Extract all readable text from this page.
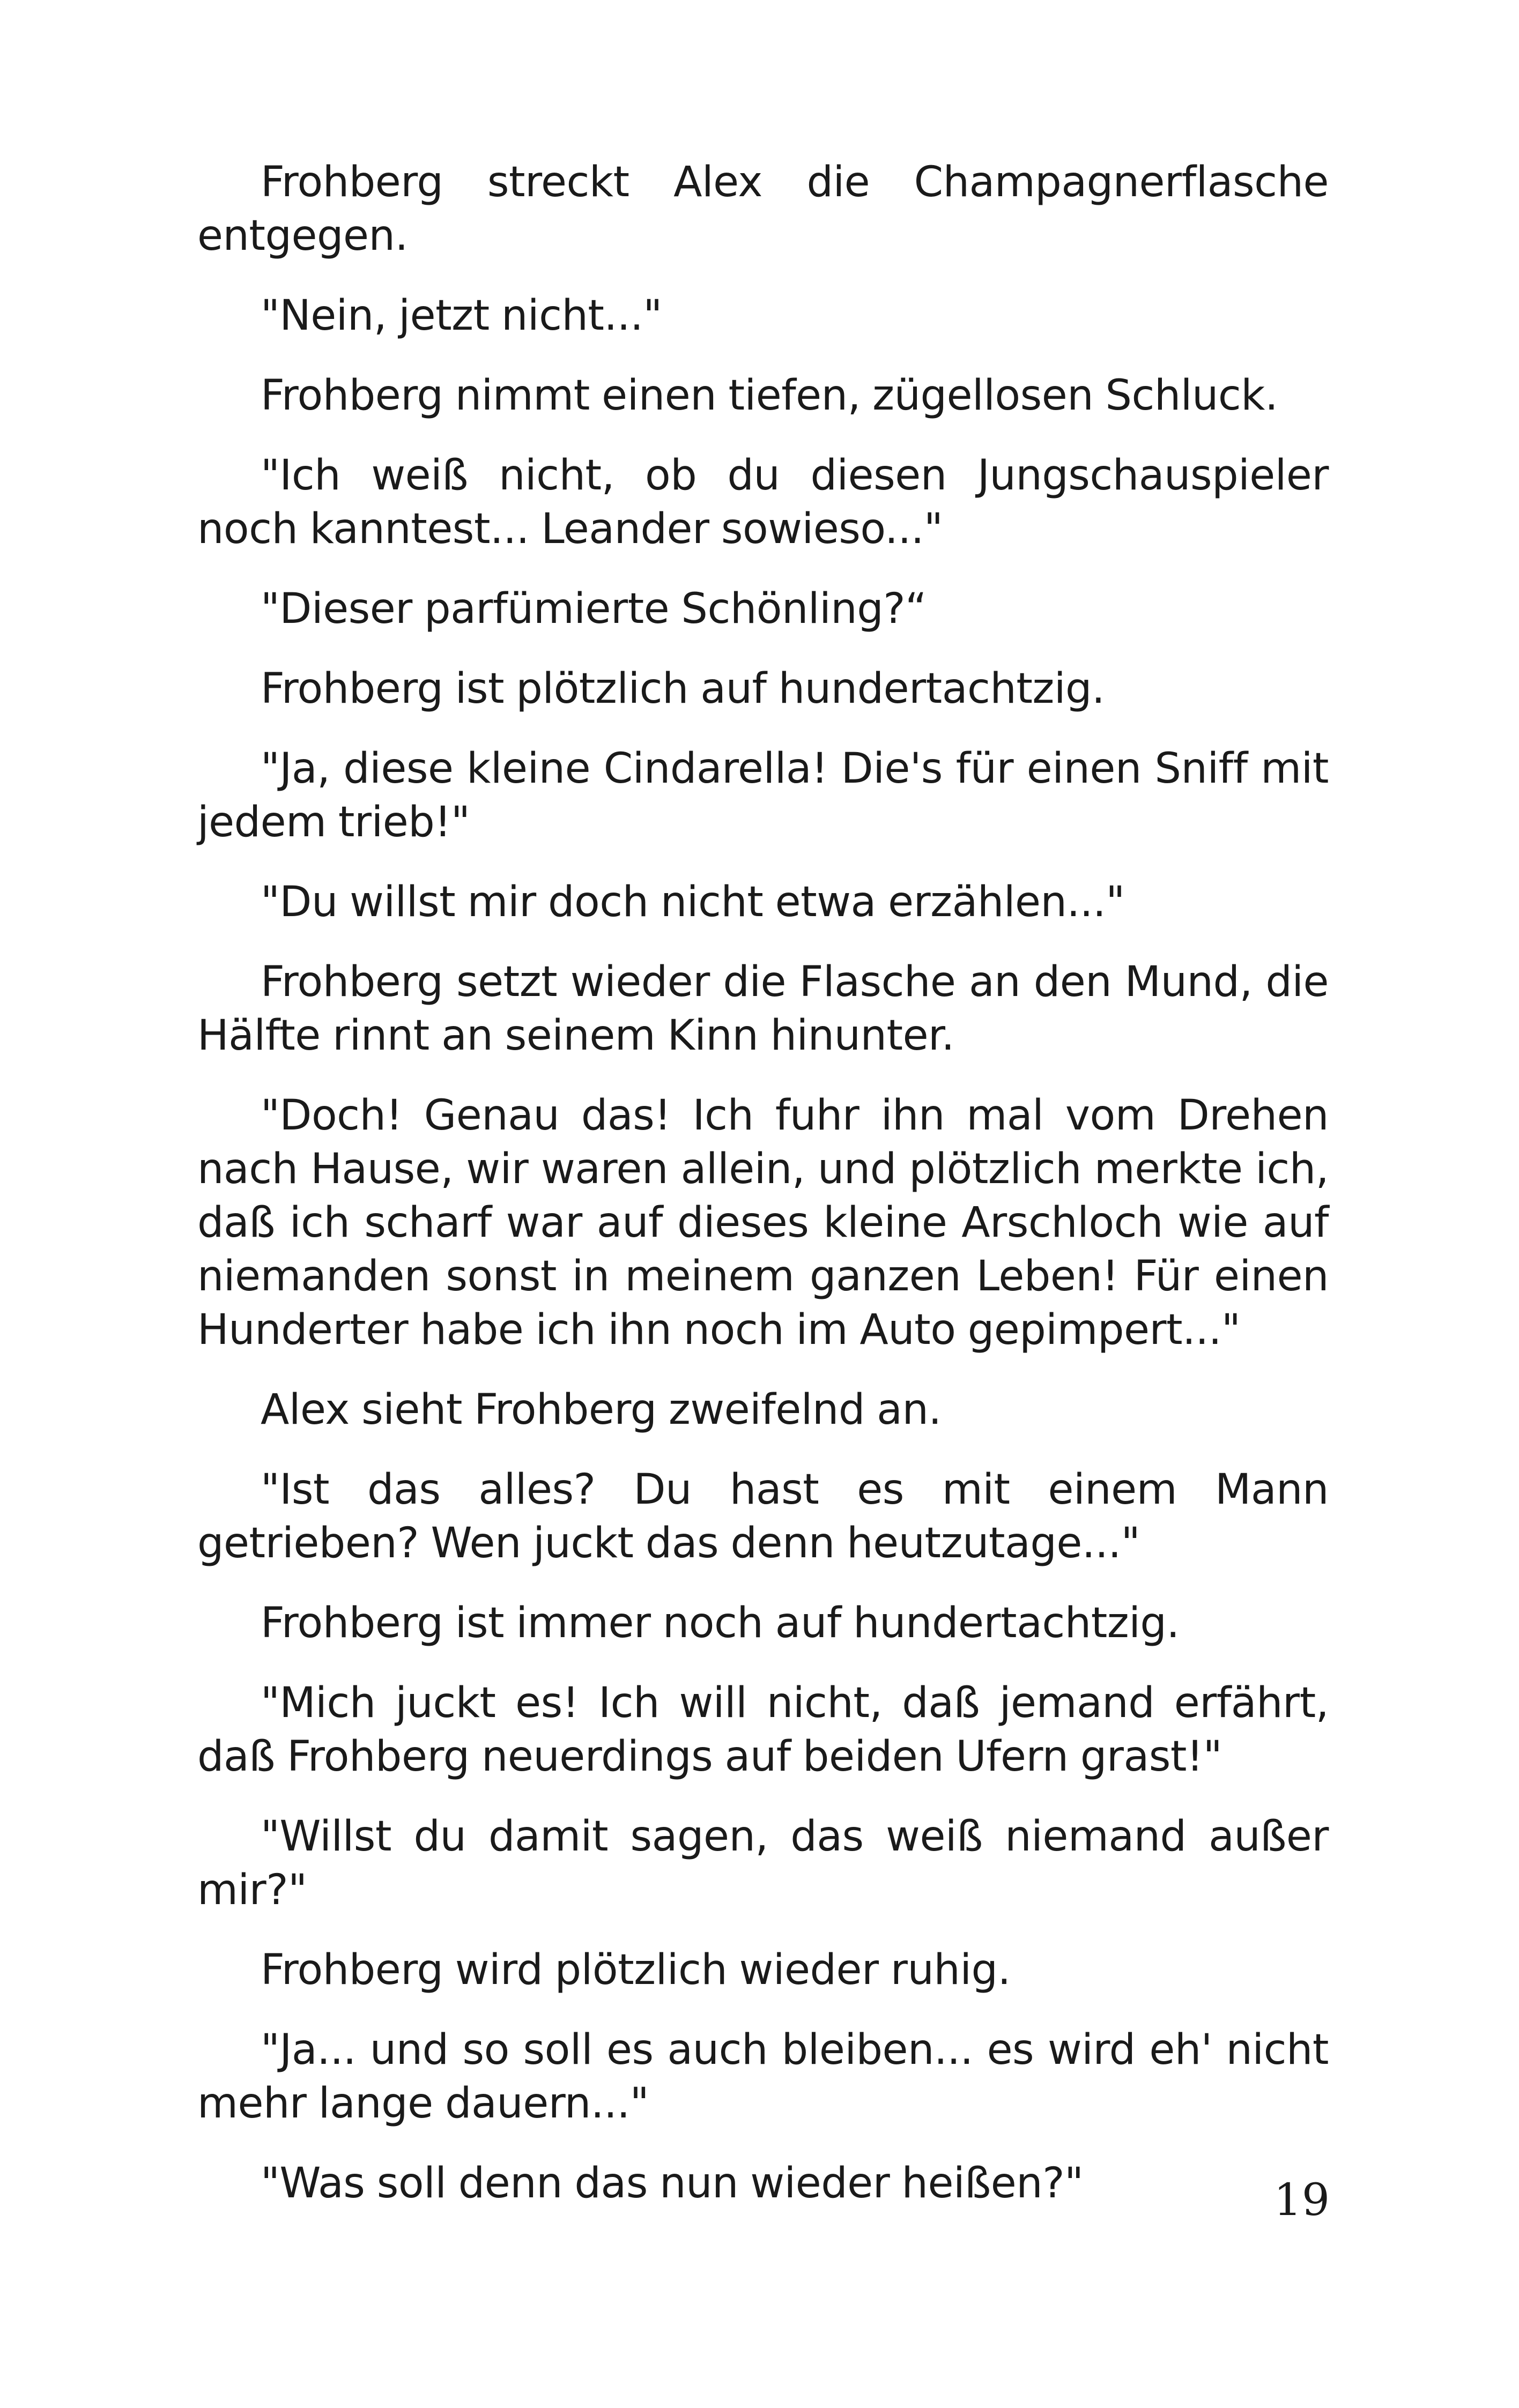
Frohberg streckt Alex die Champagnerflasche entgegen.

"Nein, jetzt nicht..."

Frohberg nimmt einen tiefen, zügellosen Schluck.

"Ich weiß nicht, ob du diesen Jungschauspieler noch kanntest... Leander sowieso..."

"Dieser parfümierte Schönling?“

Frohberg ist plötzlich auf hundertachtzig.

"Ja, diese kleine Cindarella! Die's für einen Sniff mit jedem trieb!"

"Du willst mir doch nicht etwa erzählen..."

Frohberg setzt wieder die Flasche an den Mund, die Hälfte rinnt an seinem Kinn hinunter.

"Doch! Genau das! Ich fuhr ihn mal vom Drehen nach Hause, wir waren allein, und plötzlich merkte ich, daß ich scharf war auf dieses kleine Arschloch wie auf niemanden sonst in meinem ganzen Leben! Für einen Hunderter habe ich ihn noch im Auto gepimpert..."

Alex sieht Frohberg zweifelnd an.

"Ist das alles? Du hast es mit einem Mann getrieben? Wen juckt das denn heutzutage..."

Frohberg ist immer noch auf hundertachtzig.

"Mich juckt es! Ich will nicht, daß jemand erfährt, daß Frohberg neuerdings auf beiden Ufern grast!"

"Willst du damit sagen, das weiß niemand außer mir?"

Frohberg wird plötzlich wieder ruhig.

"Ja... und so soll es auch bleiben... es wird eh' nicht mehr lange dauern..."

"Was soll denn das nun wieder heißen?"	19
